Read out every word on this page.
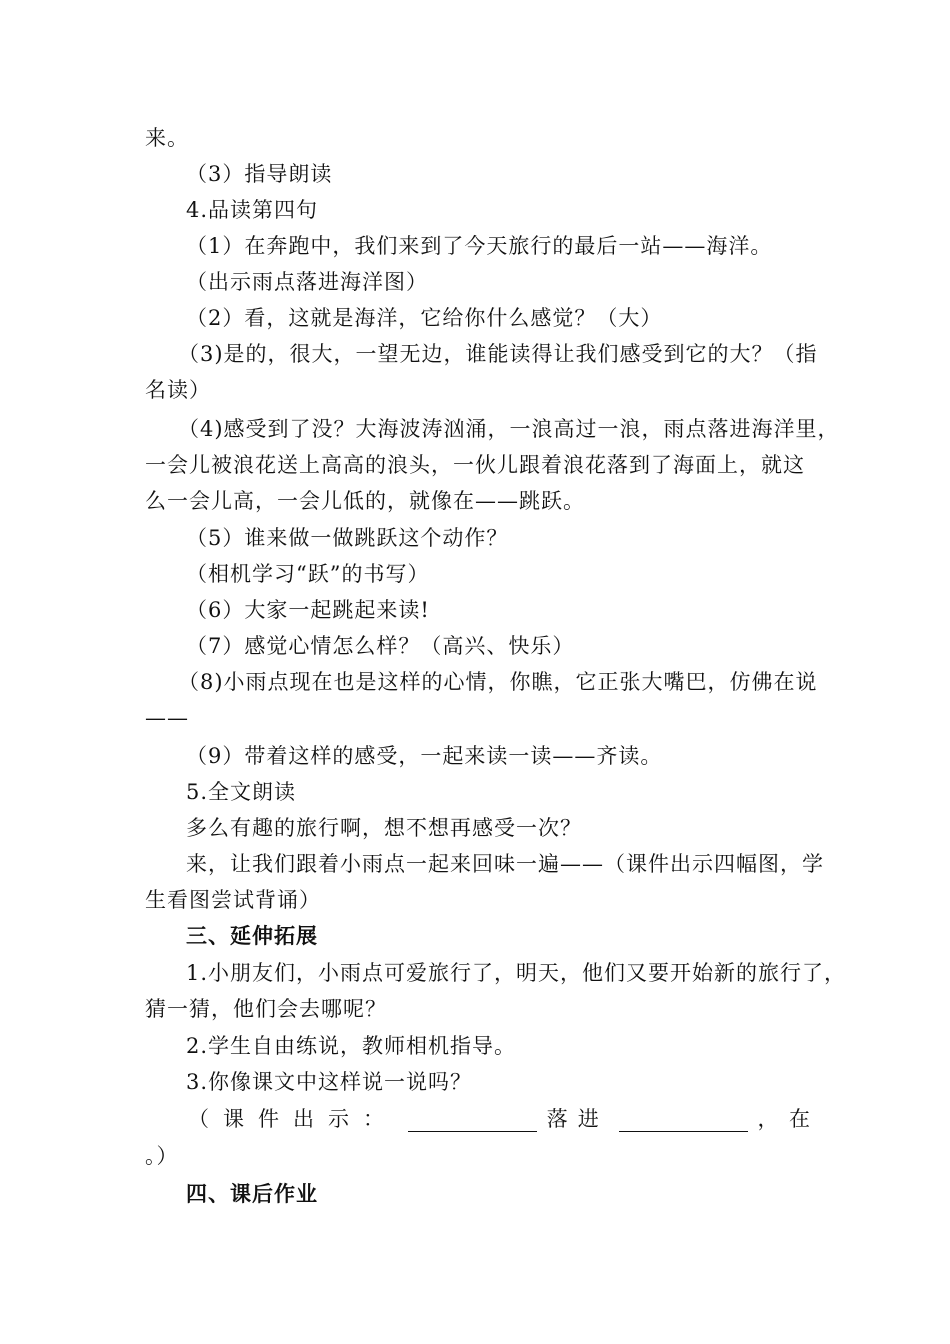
来。
（3）指导朗读
4.品读第四句
（1）在奔跑中，我们来到了今天旅行的最后一站——海洋。
（出示雨点落进海洋图）
（2）看，这就是海洋，它给你什么感觉？（大）
（3)是的，很大，一望无边，谁能读得让我们感受到它的大？（指
名读）
（4)感受到了没？大海波涛汹涌，一浪高过一浪，雨点落进海洋里，
一会儿被浪花送上高高的浪头，一伙儿跟着浪花落到了海面上，就这
么一会儿高，一会儿低的，就像在——跳跃。
（5）谁来做一做跳跃这个动作？
（相机学习“跃”的书写）
（6）大家一起跳起来读!
（7）感觉心情怎么样？（高兴、快乐）
（8)小雨点现在也是这样的心情，你瞧，它正张大嘴巴，仿佛在说
——
（9）带着这样的感受，一起来读一读——齐读。
5.全文朗读
多么有趣的旅行啊，想不想再感受一次？
来，让我们跟着小雨点一起来回味一遍——（课件出示四幅图，学
生看图尝试背诵）
三、延伸拓展
1.小朋友们，小雨点可爱旅行了，明天，他们又要开始新的旅行了，
猜一猜，他们会去哪呢？
2.学生自由练说，教师相机指导。
3.你像课文中这样说一说吗？
（课件出示：	落进	，　在
。）
四、课后作业
